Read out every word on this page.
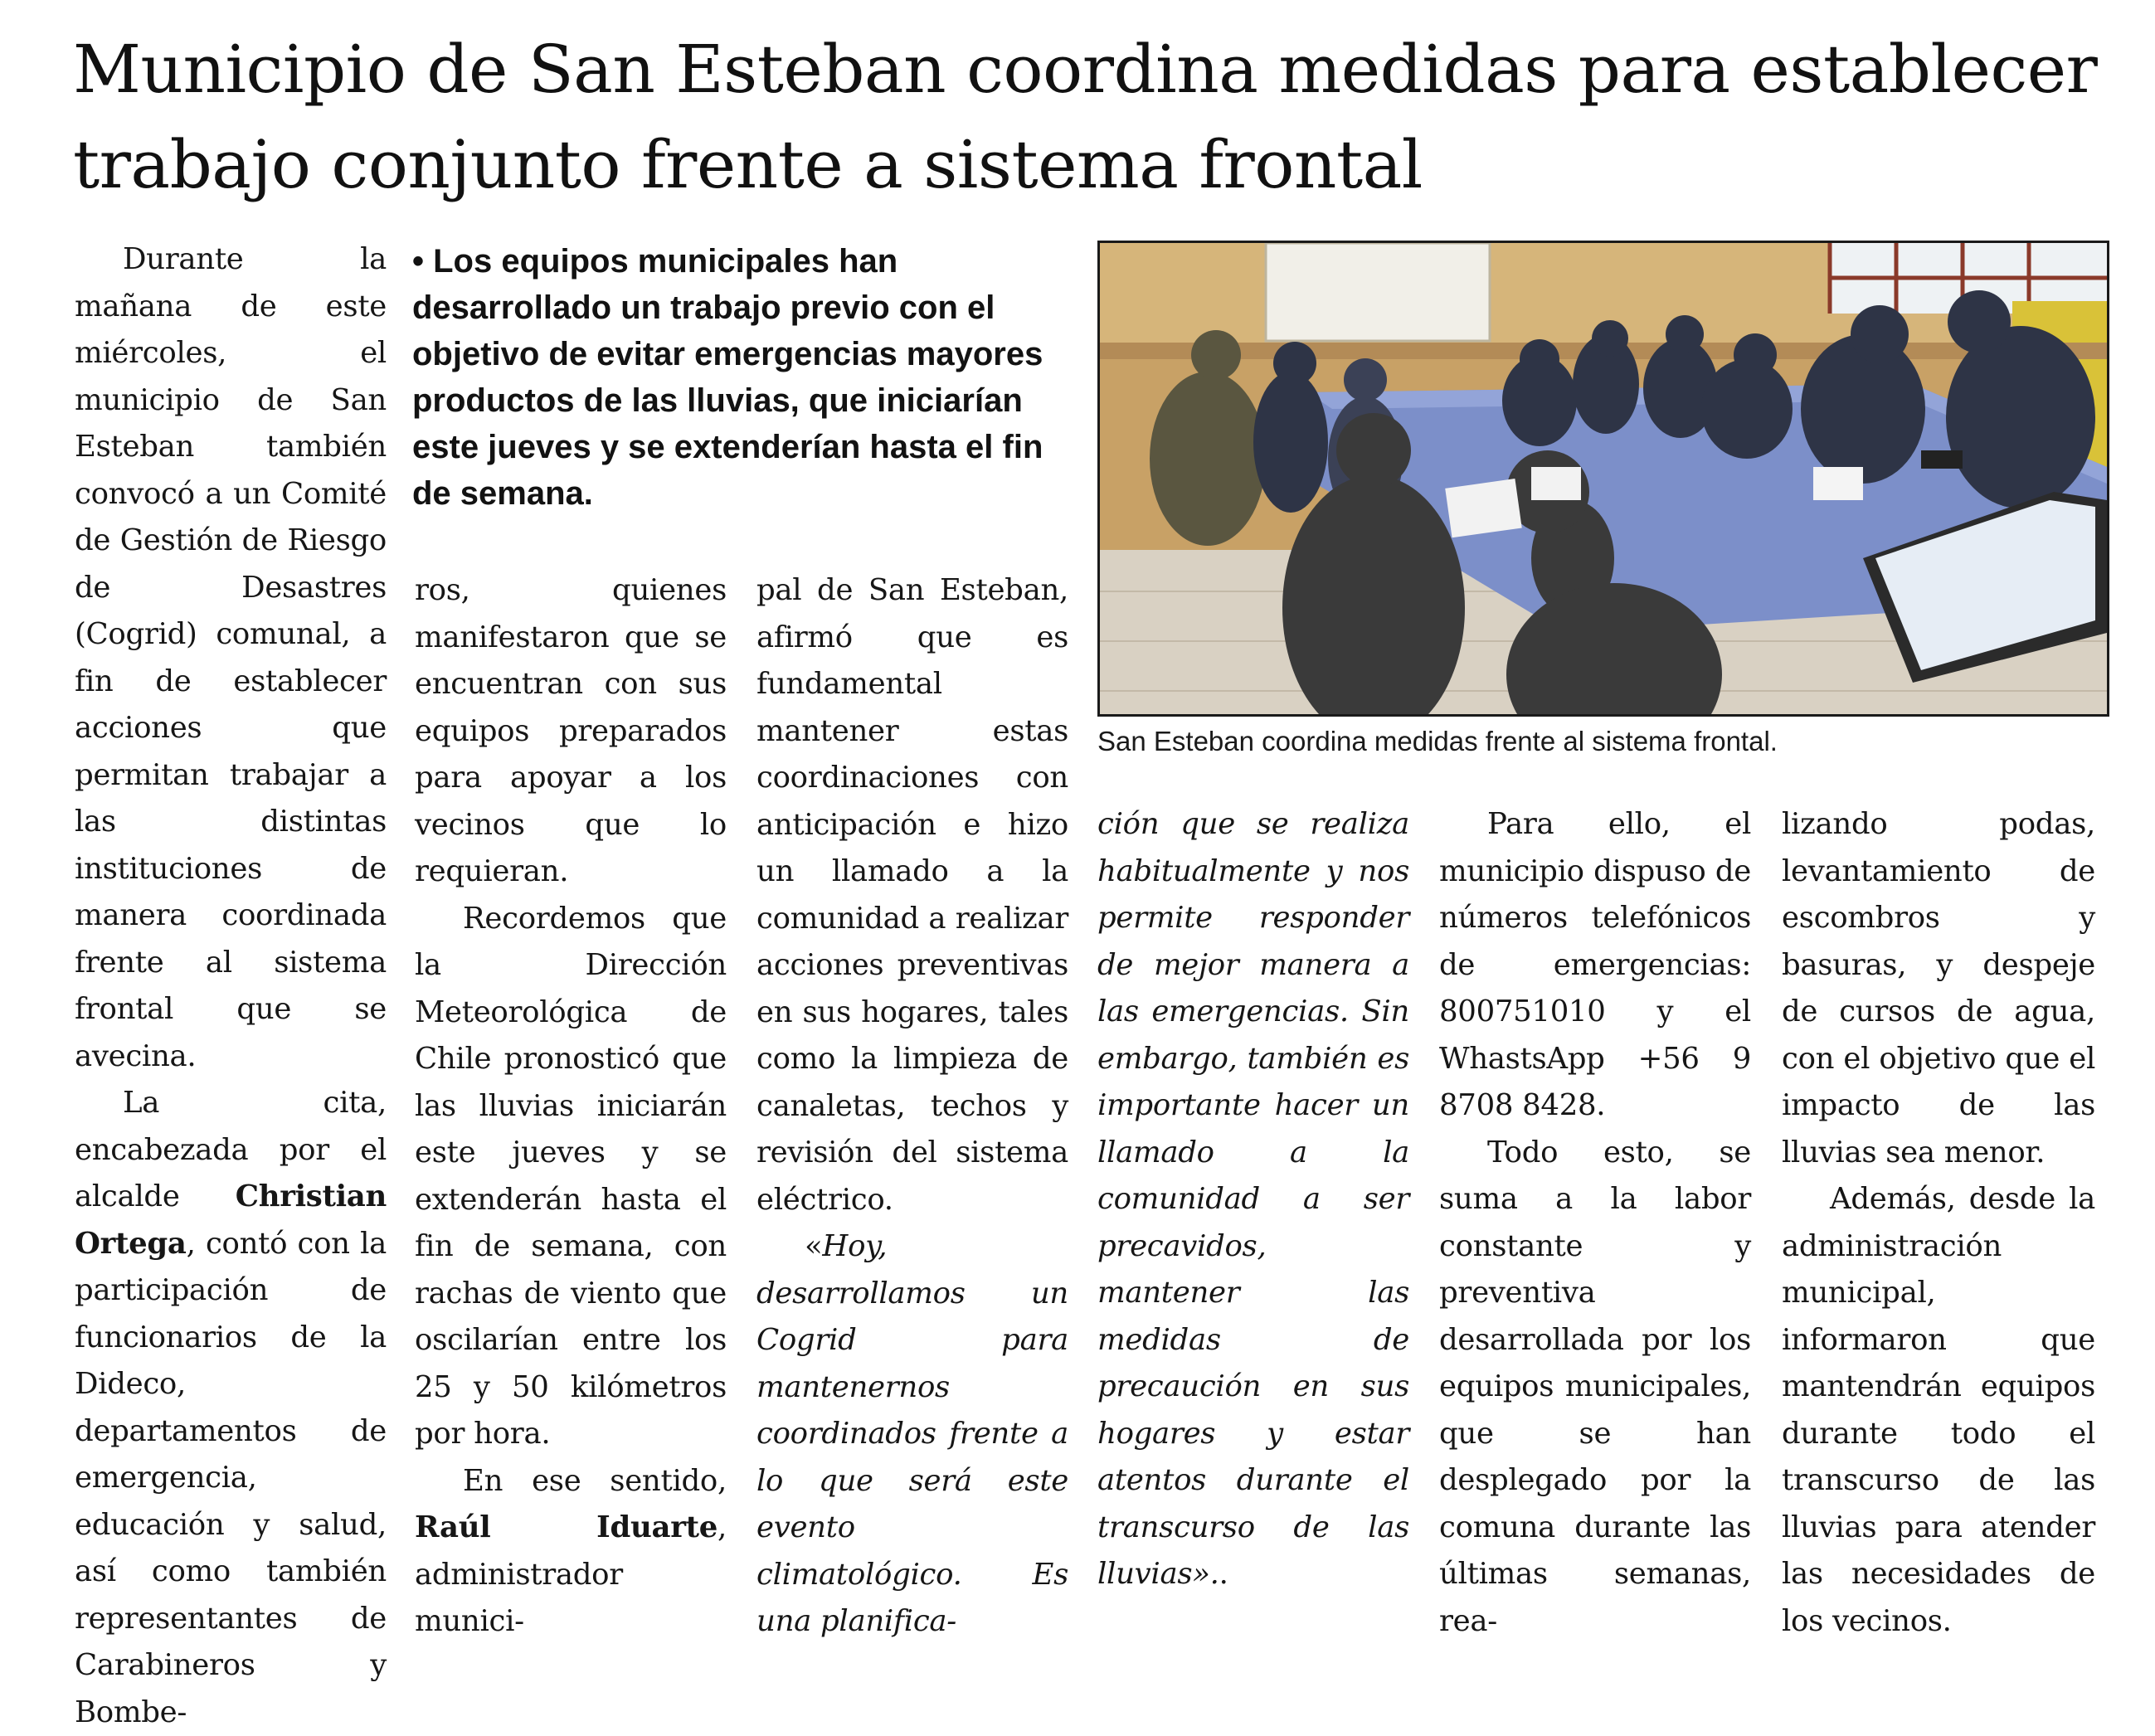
Municipio de San Esteban coordina medidas para establecer trabajo conjunto frente a sistema frontal

Durante la mañana de este miércoles, el municipio de San Esteban también convocó a un Comité de Gestión de Riesgo de Desastres (Cogrid) comunal, a fin de establecer acciones que permitan trabajar a las distintas instituciones de manera coordinada frente al sistema frontal que se avecina.

La cita, encabezada por el alcalde Christian Ortega, contó con la participación de funcionarios de la Dideco, departamentos de emergencia, educación y salud, así como también representantes de Carabineros y Bombe-

• Los equipos municipales han desarrollado un trabajo previo con el objetivo de evitar emergencias mayores productos de las lluvias, que iniciarían este jueves y se extenderían hasta el fin de semana.

ros, quienes manifestaron que se encuentran con sus equipos preparados para apoyar a los vecinos que lo requieran.

Recordemos que la Dirección Meteorológica de Chile pronosticó que las lluvias iniciarán este jueves y se extenderán hasta el fin de semana, con rachas de viento que oscilarían entre los 25 y 50 kilómetros por hora.

En ese sentido, Raúl Iduarte, administrador munici-

pal de San Esteban, afirmó que es fundamental mantener estas coordinaciones con anticipación e hizo un llamado a la comunidad a realizar acciones preventivas en sus hogares, tales como la limpieza de canaletas, techos y revisión del sistema eléctrico.

«Hoy, desarrollamos un Cogrid para mantenernos coordinados frente a lo que será este evento climatológico. Es una planifica-

San Esteban coordina medidas frente al sistema frontal.

ción que se realiza habitualmente y nos permite responder de mejor manera a las emergencias. Sin embargo, también es importante hacer un llamado a la comunidad a ser precavidos, mantener las medidas de precaución en sus hogares y estar atentos durante el transcurso de las lluvias»..

Para ello, el municipio dispuso de números telefónicos de emergencias: 800751010 y el WhastsApp +56 9 8708 8428.

Todo esto, se suma a la labor constante y preventiva desarrollada por los equipos municipales, que se han desplegado por la comuna durante las últimas semanas, rea-

lizando podas, levantamiento de escombros y basuras, y despeje de cursos de agua, con el objetivo que el impacto de las lluvias sea menor.

Además, desde la administración municipal, informaron que mantendrán equipos durante todo el transcurso de las lluvias para atender las necesidades de los vecinos.
